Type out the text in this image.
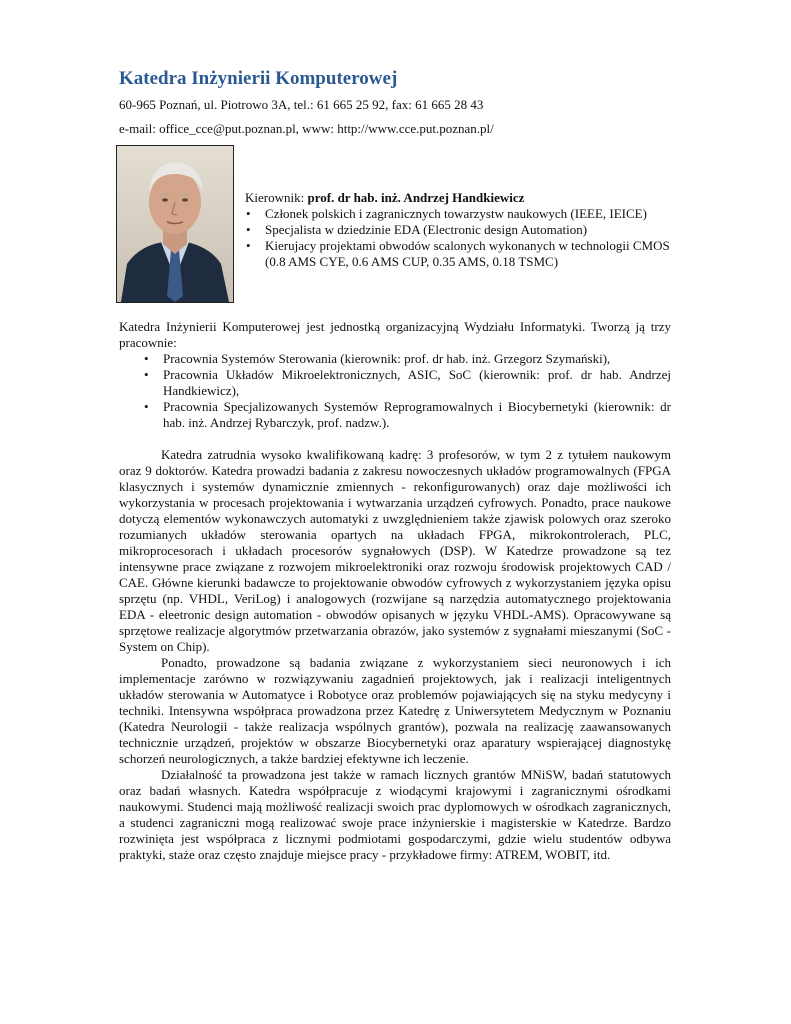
Katedra Inżynierii Komputerowej

60-965 Poznań, ul. Piotrowo 3A, tel.: 61 665 25 92, fax: 61 665 28 43

e-mail: office_cce@put.poznan.pl, www: http://www.cce.put.poznan.pl/

Kierownik: prof. dr hab. inż. Andrzej Handkiewicz

• Członek polskich i zagranicznych towarzystw naukowych (IEEE, IEICE)
• Specjalista w dziedzinie EDA (Electronic design Automation)
• Kierujacy projektami obwodów scalonych wykonanych w technologii CMOS (0.8 AMS CYE, 0.6 AMS CUP, 0.35 AMS, 0.18 TSMC)

Katedra Inżynierii Komputerowej jest jednostką organizacyjną Wydziału Informatyki. Tworzą ją trzy pracownie:

• Pracownia Systemów Sterowania (kierownik: prof. dr hab. inż. Grzegorz Szymański),
• Pracownia Układów Mikroelektronicznych, ASIC, SoC (kierownik: prof. dr hab. Andrzej Handkiewicz),
• Pracownia Specjalizowanych Systemów Reprogramowalnych i Biocybernetyki (kierownik: dr hab. inż. Andrzej Rybarczyk, prof. nadzw.).

Katedra zatrudnia wysoko kwalifikowaną kadrę: 3 profesorów, w tym 2 z tytułem naukowym oraz 9 doktorów. Katedra prowadzi badania z zakresu nowoczesnych układów programowalnych (FPGA klasycznych i systemów dynamicznie zmiennych - rekonfigurowanych) oraz daje możliwości ich wykorzystania w procesach projektowania i wytwarzania urządzeń cyfrowych. Ponadto, prace naukowe dotyczą elementów wykonawczych automatyki z uwzględnieniem także zjawisk polowych oraz szeroko rozumianych układów sterowania opartych na układach FPGA, mikrokontrolerach, PLC, mikroprocesorach i układach procesorów sygnałowych (DSP). W Katedrze prowadzone są tez intensywne prace związane z rozwojem mikroelektroniki oraz rozwoju środowisk projektowych CAD / CAE. Główne kierunki badawcze to projektowanie obwodów cyfrowych z wykorzystaniem języka opisu sprzętu (np. VHDL, VeriLog) i analogowych (rozwijane są narzędzia automatycznego projektowania EDA - eleetronic design automation - obwodów opisanych w języku VHDL-AMS). Opracowywane są sprzętowe realizacje algorytmów przetwarzania obrazów, jako systemów z sygnałami mieszanymi (SoC -System on Chip).

Ponadto, prowadzone są badania związane z wykorzystaniem sieci neuronowych i ich implementacje zarówno w rozwiązywaniu zagadnień projektowych, jak i realizacji inteligentnych układów sterowania w Automatyce i Robotyce oraz problemów pojawiających się na styku medycyny i techniki. Intensywna współpraca prowadzona przez Katedrę z Uniwersytetem Medycznym w Poznaniu (Katedra Neurologii - także realizacja wspólnych grantów), pozwala na realizację zaawansowanych technicznie urządzeń, projektów w obszarze Biocybernetyki oraz aparatury wspierającej diagnostykę schorzeń neurologicznych, a także bardziej efektywne ich leczenie.

Działalność ta prowadzona jest także w ramach licznych grantów MNiSW, badań statutowych oraz badań własnych. Katedra współpracuje z wiodącymi krajowymi i zagranicznymi ośrodkami naukowymi. Studenci mają możliwość realizacji swoich prac dyplomowych w ośrodkach zagranicznych, a studenci zagraniczni mogą realizować swoje prace inżynierskie i magisterskie w Katedrze. Bardzo rozwinięta jest współpraca z licznymi podmiotami gospodarczymi, gdzie wielu studentów odbywa praktyki, staże oraz często znajduje miejsce pracy - przykładowe firmy: ATREM, WOBIT, itd.
